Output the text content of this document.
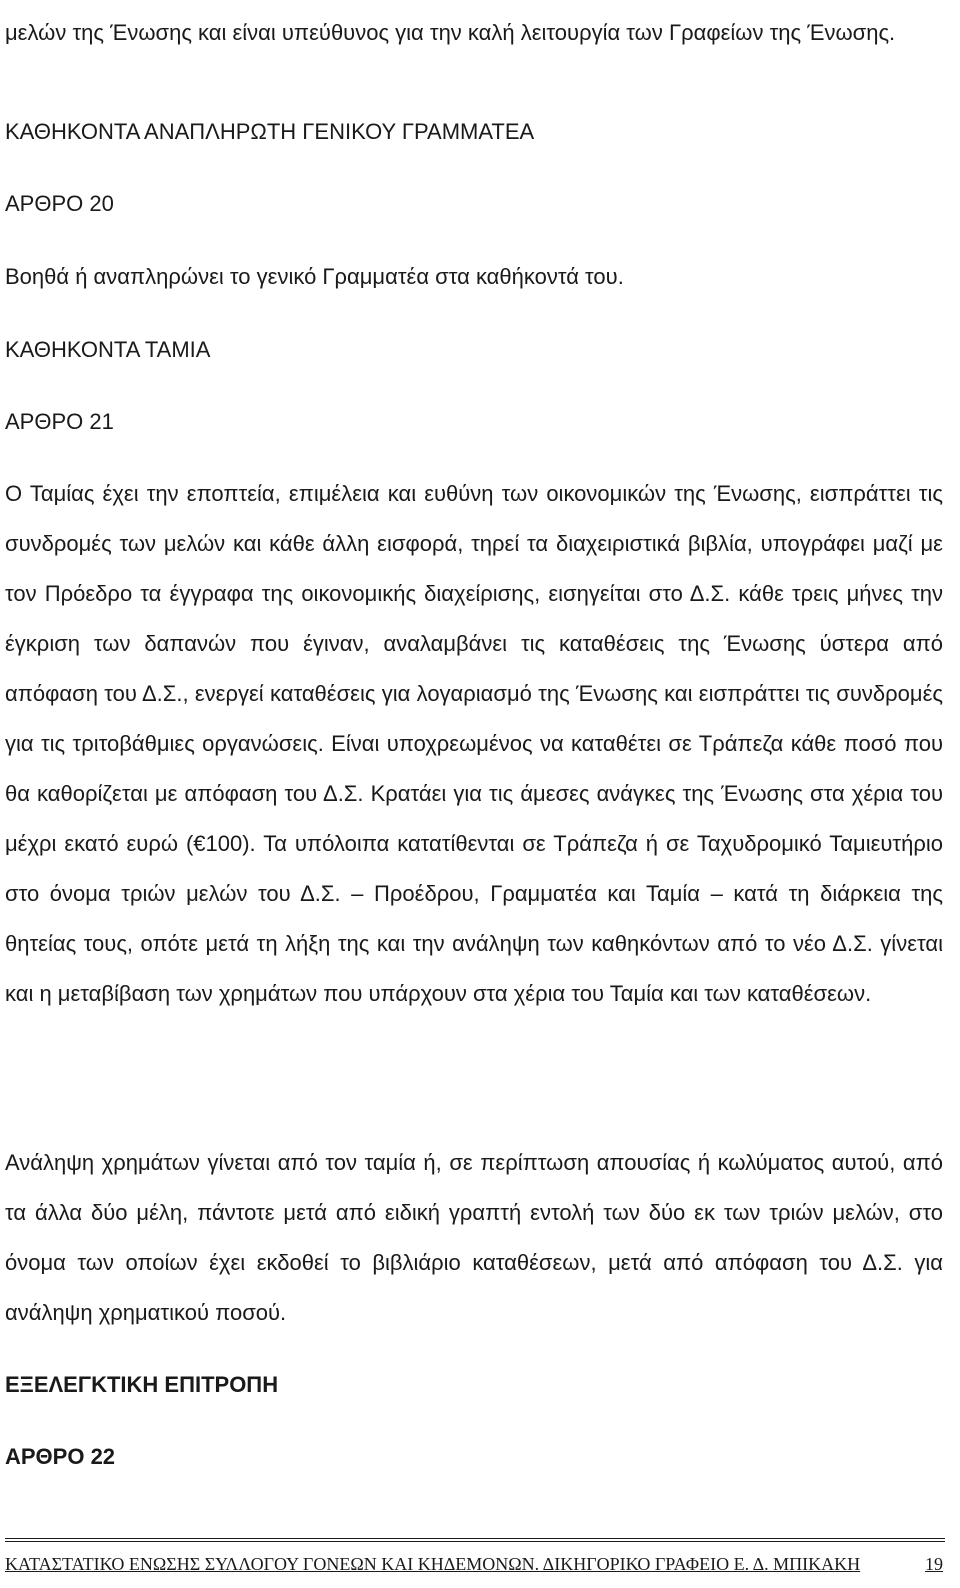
μελών της Ένωσης και είναι υπεύθυνος για την καλή λειτουργία των Γραφείων της Ένωσης.

ΚΑΘΗΚΟΝΤΑ ΑΝΑΠΛΗΡΩΤΗ ΓΕΝΙΚΟΥ ΓΡΑΜΜΑΤΕΑ

ΑΡΘΡΟ 20

Βοηθά ή αναπληρώνει το γενικό Γραμματέα στα καθήκοντά του.

ΚΑΘΗΚΟΝΤΑ ΤΑΜΙΑ

ΑΡΘΡΟ 21

Ο Ταμίας έχει την εποπτεία, επιμέλεια και ευθύνη των οικονομικών της Ένωσης, εισπράττει τις συνδρομές των μελών και κάθε άλλη εισφορά, τηρεί τα διαχειριστικά βιβλία, υπογράφει μαζί με τον Πρόεδρο τα έγγραφα της οικονομικής διαχείρισης, εισηγείται στο Δ.Σ. κάθε τρεις μήνες την έγκριση των δαπανών που έγιναν, αναλαμβάνει τις καταθέσεις της Ένωσης ύστερα από απόφαση του Δ.Σ., ενεργεί καταθέσεις για λογαριασμό της Ένωσης και εισπράττει τις συνδρομές για τις τριτοβάθμιες οργανώσεις. Είναι υποχρεωμένος να καταθέτει σε Τράπεζα κάθε ποσό που θα καθορίζεται με απόφαση του Δ.Σ. Κρατάει για τις άμεσες ανάγκες της Ένωσης στα χέρια του μέχρι εκατό ευρώ (€100). Τα υπόλοιπα κατατίθενται σε Τράπεζα ή σε Ταχυδρομικό Ταμιευτήριο στο όνομα τριών μελών του Δ.Σ. – Προέδρου, Γραμματέα και Ταμία – κατά τη διάρκεια της θητείας τους, οπότε μετά τη λήξη της και την ανάληψη των καθηκόντων από το νέο Δ.Σ. γίνεται και η μεταβίβαση των χρημάτων που υπάρχουν στα χέρια του Ταμία και των καταθέσεων.

Ανάληψη χρημάτων γίνεται από τον ταμία ή, σε περίπτωση απουσίας ή κωλύματος αυτού, από τα άλλα δύο μέλη, πάντοτε μετά από ειδική γραπτή εντολή των δύο εκ των τριών μελών, στο όνομα των οποίων έχει εκδοθεί το βιβλιάριο καταθέσεων, μετά από απόφαση του Δ.Σ. για ανάληψη χρηματικού ποσού.

ΕΞΕΛΕΓΚΤΙΚΗ ΕΠΙΤΡΟΠΗ

ΑΡΘΡΟ 22

ΚΑΤΑΣΤΑΤΙΚΟ ΕΝΩΣΗΣ ΣΥΛΛΟΓΟΥ ΓΟΝΕΩΝ ΚΑΙ ΚΗΔΕΜΟΝΩΝ. ΔΙΚΗΓΟΡΙΚΟ ΓΡΑΦΕΙΟ Ε. Δ. ΜΠΙΚΑΚΗ	19
